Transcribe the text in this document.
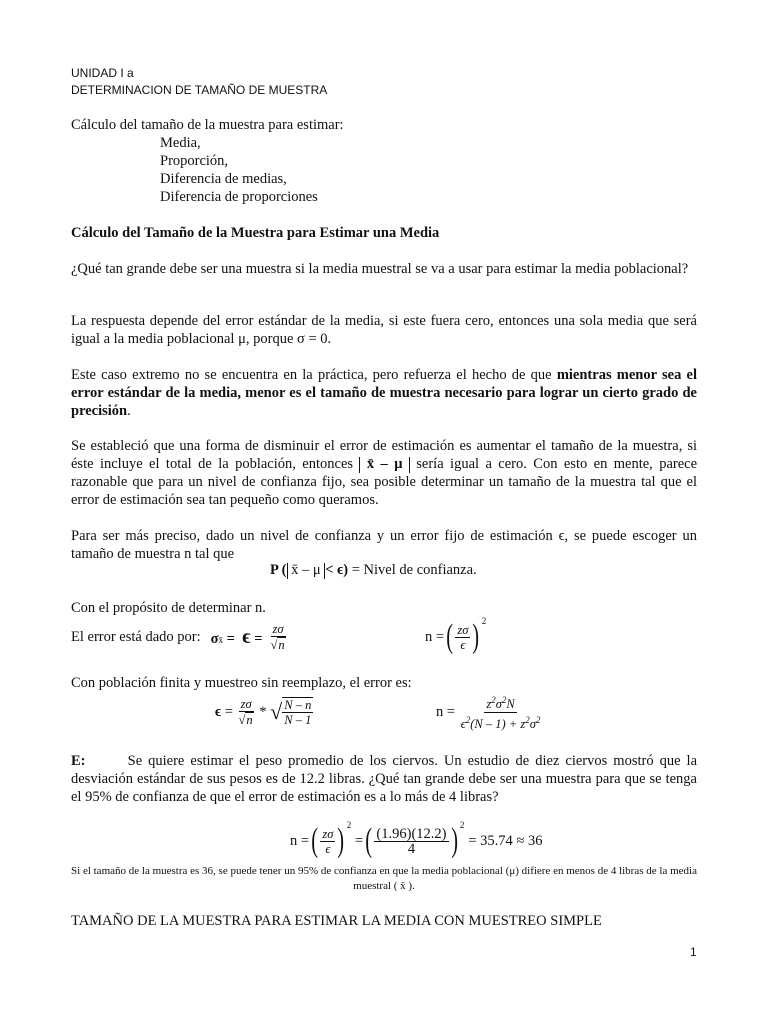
UNIDAD I a
DETERMINACION DE TAMAÑO DE MUESTRA
Cálculo del tamaño de la muestra para estimar:
Media,
Proporción,
Diferencia de medias,
Diferencia de proporciones
Cálculo del Tamaño de la Muestra para Estimar una Media
¿Qué tan grande debe ser una muestra si la media muestral se va a usar para estimar la media poblacional?
La respuesta depende del error estándar de la media, si este fuera cero, entonces una sola media que será igual a la media poblacional μ, porque σ = 0.
Este caso extremo no se encuentra en la práctica, pero refuerza el hecho de que mientras menor sea el error estándar de la media, menor es el tamaño de muestra necesario para lograr un cierto grado de precisión.
Se estableció que una forma de disminuir el error de estimación es aumentar el tamaño de la muestra, si éste incluye el total de la población, entonces  x̄ – μ  sería igual a cero. Con esto en mente, parece razonable que para un nivel de confianza fijo, sea posible determinar un tamaño de la muestra tal que el error de estimación sea tan pequeño como queramos.
Para ser más preciso, dado un nivel de confianza y un error fijo de estimación ϵ, se puede escoger un tamaño de muestra n tal que
P ( x̄ – μ < ϵ) = Nivel de confianza.
Con el propósito de determinar n.
El error está dado por: σx̄ =  $\epsilon = \frac{z\sigma}{√n}$	n = ( $\frac{z\sigma}{\epsilon}$ ) $^2$
Con población finita y muestreo sin reemplazo, el error es:
$\epsilon = \frac{z\sigma}{√n}$ * √ $\frac{N - n}{N - 1}$	$n = \frac{z^2\sigma^2N}{\epsilon^2(N - 1) + z^2\sigma^2}$
E:	Se quiere estimar el peso promedio de los ciervos. Un estudio de diez ciervos mostró que la desviación estándar de sus pesos es de 12.2 libras. ¿Qué tan grande debe ser una muestra para que se tenga el 95% de confianza de que el error de estimación es a lo más de 4 libras?
n = ( $\frac{z\sigma}{\epsilon}$ ) $^2$
= ( $\frac{(1.96)(12.2)}{4}$ ) $^2$
= 35.74 ≈ 36
Si el tamaño de la muestra es 36, se puede tener un 95% de confianza en que la media poblacional (μ) difiere en menos de 4 libras de la media muestral ( x̄ ).
TAMAÑO DE LA MUESTRA PARA ESTIMAR LA MEDIA CON MUESTREO SIMPLE
1
